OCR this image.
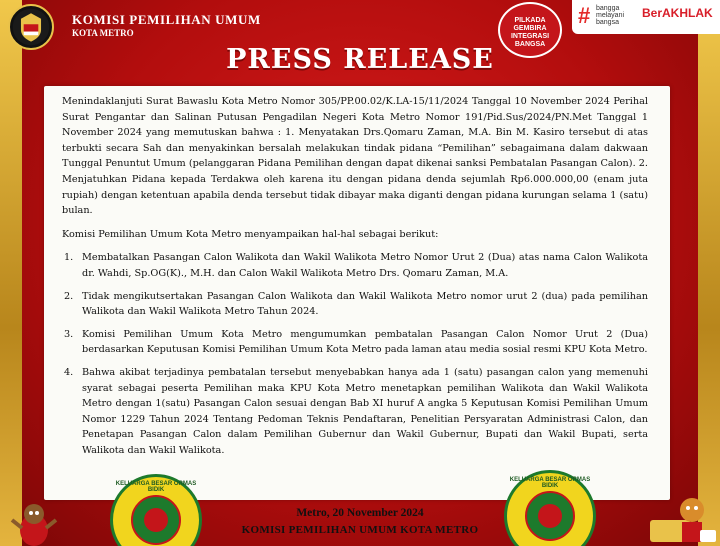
KOMISI PEMILIHAN UMUM
KOTA METRO
PILKADA
GEMBIRA
INTEGRASI
BANGSA
# bangga melayani bangsa
BerAKHLAK
PRESS RELEASE

Menindaklanjuti Surat Bawaslu Kota Metro Nomor 305/PP.00.02/K.LA-15/11/2024 Tanggal 10 November 2024 Perihal Surat Pengantar dan Salinan Putusan Pengadilan Negeri Kota Metro Nomor 191/Pid.Sus/2024/PN.Met Tanggal 1 November 2024 yang memutuskan bahwa : 1. Menyatakan Drs.Qomaru Zaman, M.A. Bin M. Kasiro tersebut di atas terbukti secara Sah dan menyakinkan bersalah melakukan tindak pidana “Pemilihan” sebagaimana dalam dakwaan Tunggal Penuntut Umum (pelanggaran Pidana Pemilihan dengan dapat dikenai sanksi Pembatalan Pasangan Calon). 2. Menjatuhkan Pidana kepada Terdakwa oleh karena itu dengan pidana denda sejumlah Rp6.000.000,00 (enam juta rupiah) dengan ketentuan apabila denda tersebut tidak dibayar maka diganti dengan pidana kurungan selama 1 (satu) bulan.

Komisi Pemilihan Umum Kota Metro menyampaikan hal-hal sebagai berikut:

1. Membatalkan Pasangan Calon Walikota dan Wakil Walikota Metro Nomor Urut 2 (Dua) atas nama Calon Walikota dr. Wahdi, Sp.OG(K)., M.H. dan Calon Wakil Walikota Metro Drs. Qomaru Zaman, M.A.
2. Tidak mengikutsertakan Pasangan Calon Walikota dan Wakil Walikota Metro nomor urut 2 (dua) pada pemilihan Walikota dan Wakil Walikota Metro Tahun 2024.
3. Komisi Pemilihan Umum Kota Metro mengumumkan pembatalan Pasangan Calon Nomor Urut 2 (Dua) berdasarkan Keputusan Komisi Pemilihan Umum Kota Metro pada laman atau media sosial resmi KPU Kota Metro.
4. Bahwa akibat terjadinya pembatalan tersebut menyebabkan hanya ada 1 (satu) pasangan calon yang memenuhi syarat sebagai peserta Pemilihan maka KPU Kota Metro menetapkan pemilihan Walikota dan Wakil Walikota Metro dengan 1(satu) Pasangan Calon sesuai dengan Bab XI huruf A angka 5 Keputusan Komisi Pemilihan Umum Nomor 1229 Tahun 2024 Tentang Pedoman Teknis Pendaftaran, Penelitian Persyaratan Administrasi Calon, dan Penetapan Pasangan Calon dalam Pemilihan Gubernur dan Wakil Gubernur, Bupati dan Wakil Bupati, serta Walikota dan Wakil Walikota.
KELUARGA BESAR ORMAS BIDIK
KELUARGA BESAR ORMAS BIDIK
Metro, 20 November 2024
KOMISI PEMILIHAN UMUM KOTA METRO
